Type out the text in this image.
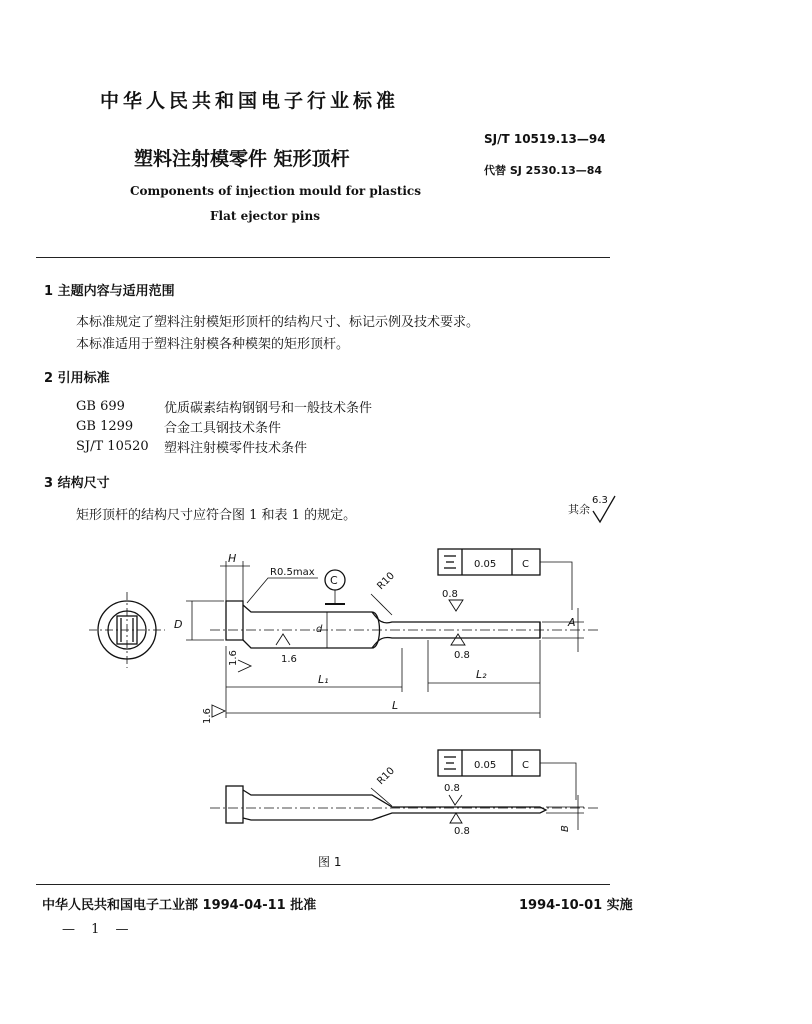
中华人民共和国电子行业标准
塑料注射模零件 矩形顶杆
Components of injection mould for plastics
Flat ejector pins
SJ/T 10519.13—94
代替 SJ 2530.13—84
1 主题内容与适用范围
本标准规定了塑料注射模矩形顶杆的结构尺寸、标记示例及技术要求。
本标准适用于塑料注射模各种模架的矩形顶杆。
2 引用标准
GB 699	优质碳素结构钢钢号和一般技术条件
GB 1299 合金工具钢技术条件
SJ/T 10520 塑料注射模零件技术条件
3 结构尺寸
矩形顶杆的结构尺寸应符合图 1 和表 1 的规定。	其余
6.3
H
D
R0.5max
C
d
R10
0.05	C
0.8
0.8
A
1.6
1.6
L₁	L₂
L
1.6
R10	0.05	C
0.8
0.8	B
图 1
中华人民共和国电子工业部 1994-04-11 批准	1994-10-01 实施
— 1 —
